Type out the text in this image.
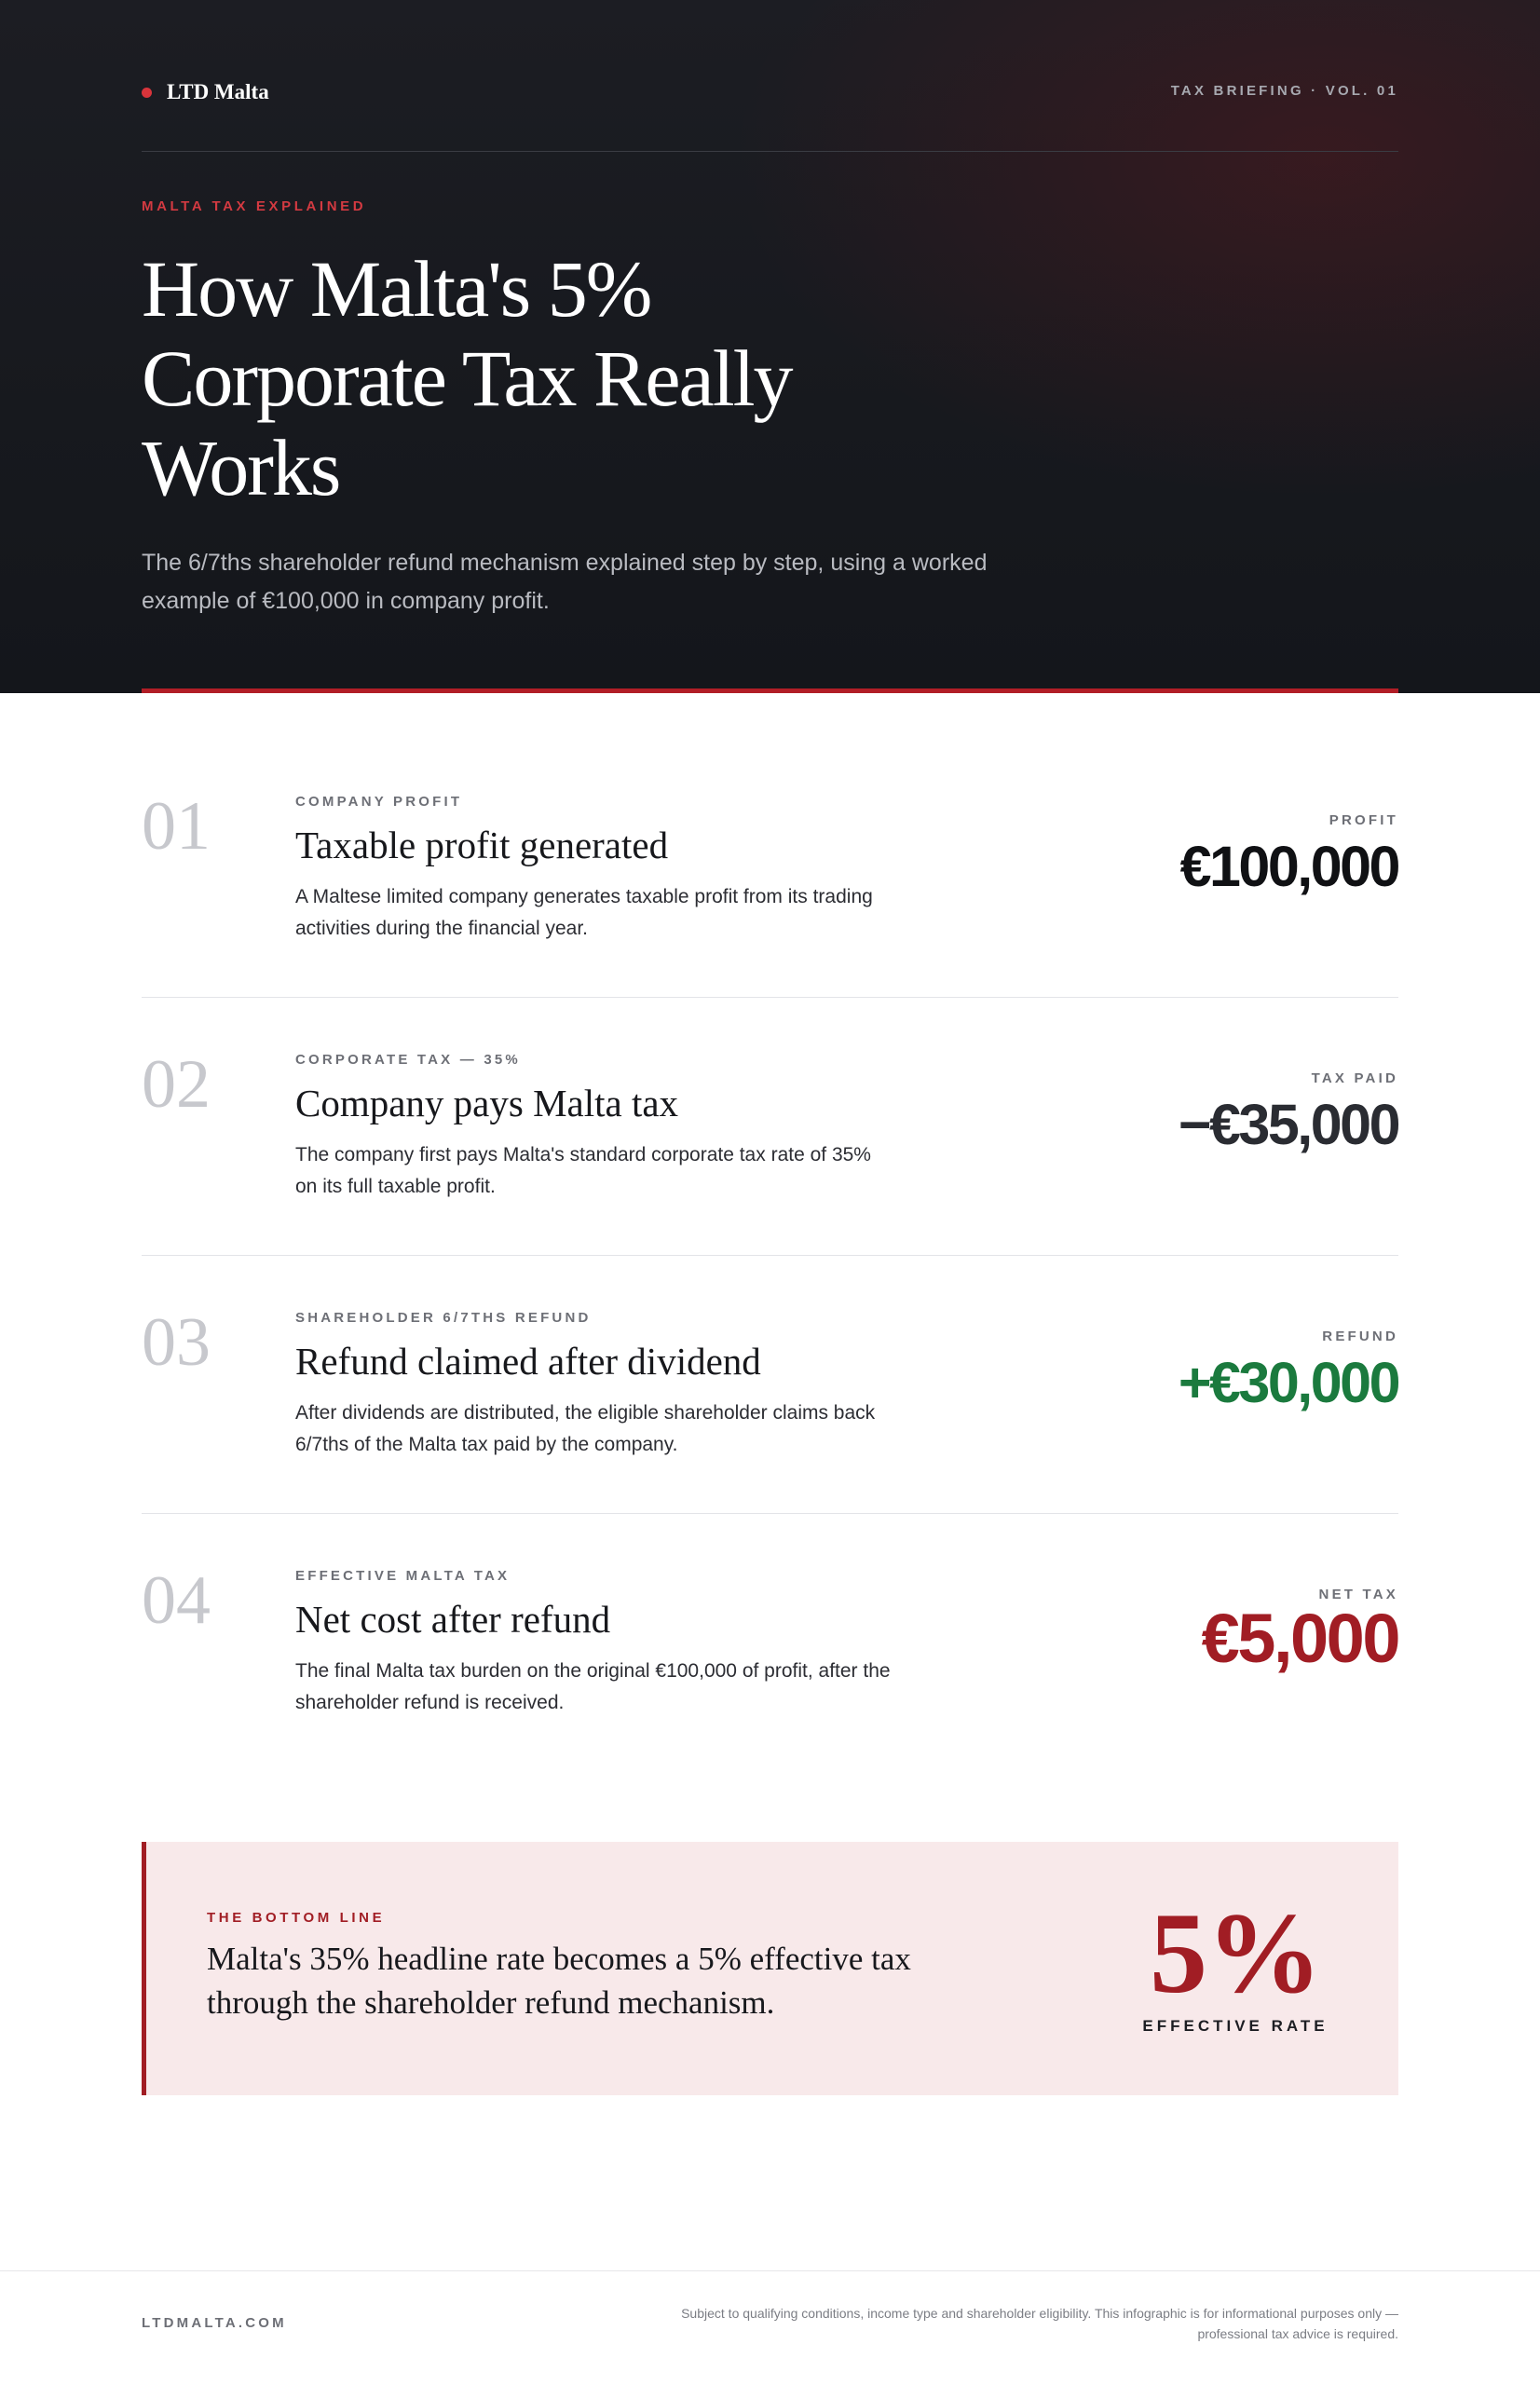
LTD Malta	TAX BRIEFING · VOL. 01
MALTA TAX EXPLAINED
How Malta's 5% Corporate Tax Really Works

The 6/7ths shareholder refund mechanism explained step by step, using a worked example of €100,000 in company profit.

01	COMPANY PROFIT
Taxable profit generated
A Maltese limited company generates taxable profit from its trading activities during the financial year.
PROFIT
€100,000
02	CORPORATE TAX — 35%
Company pays Malta tax
The company first pays Malta's standard corporate tax rate of 35% on its full taxable profit.
TAX PAID
−€35,000
03	SHAREHOLDER 6/7THS REFUND
Refund claimed after dividend
After dividends are distributed, the eligible shareholder claims back 6/7ths of the Malta tax paid by the company.
REFUND
+€30,000
04	EFFECTIVE MALTA TAX
Net cost after refund
The final Malta tax burden on the original €100,000 of profit, after the shareholder refund is received.
NET TAX
€5,000
THE BOTTOM LINE

Malta's 35% headline rate becomes a 5% effective tax through the shareholder refund mechanism.	5%
EFFECTIVE RATE
LTDMALTA.COM

Subject to qualifying conditions, income type and shareholder eligibility. This infographic is for informational purposes only — professional tax advice is required.
